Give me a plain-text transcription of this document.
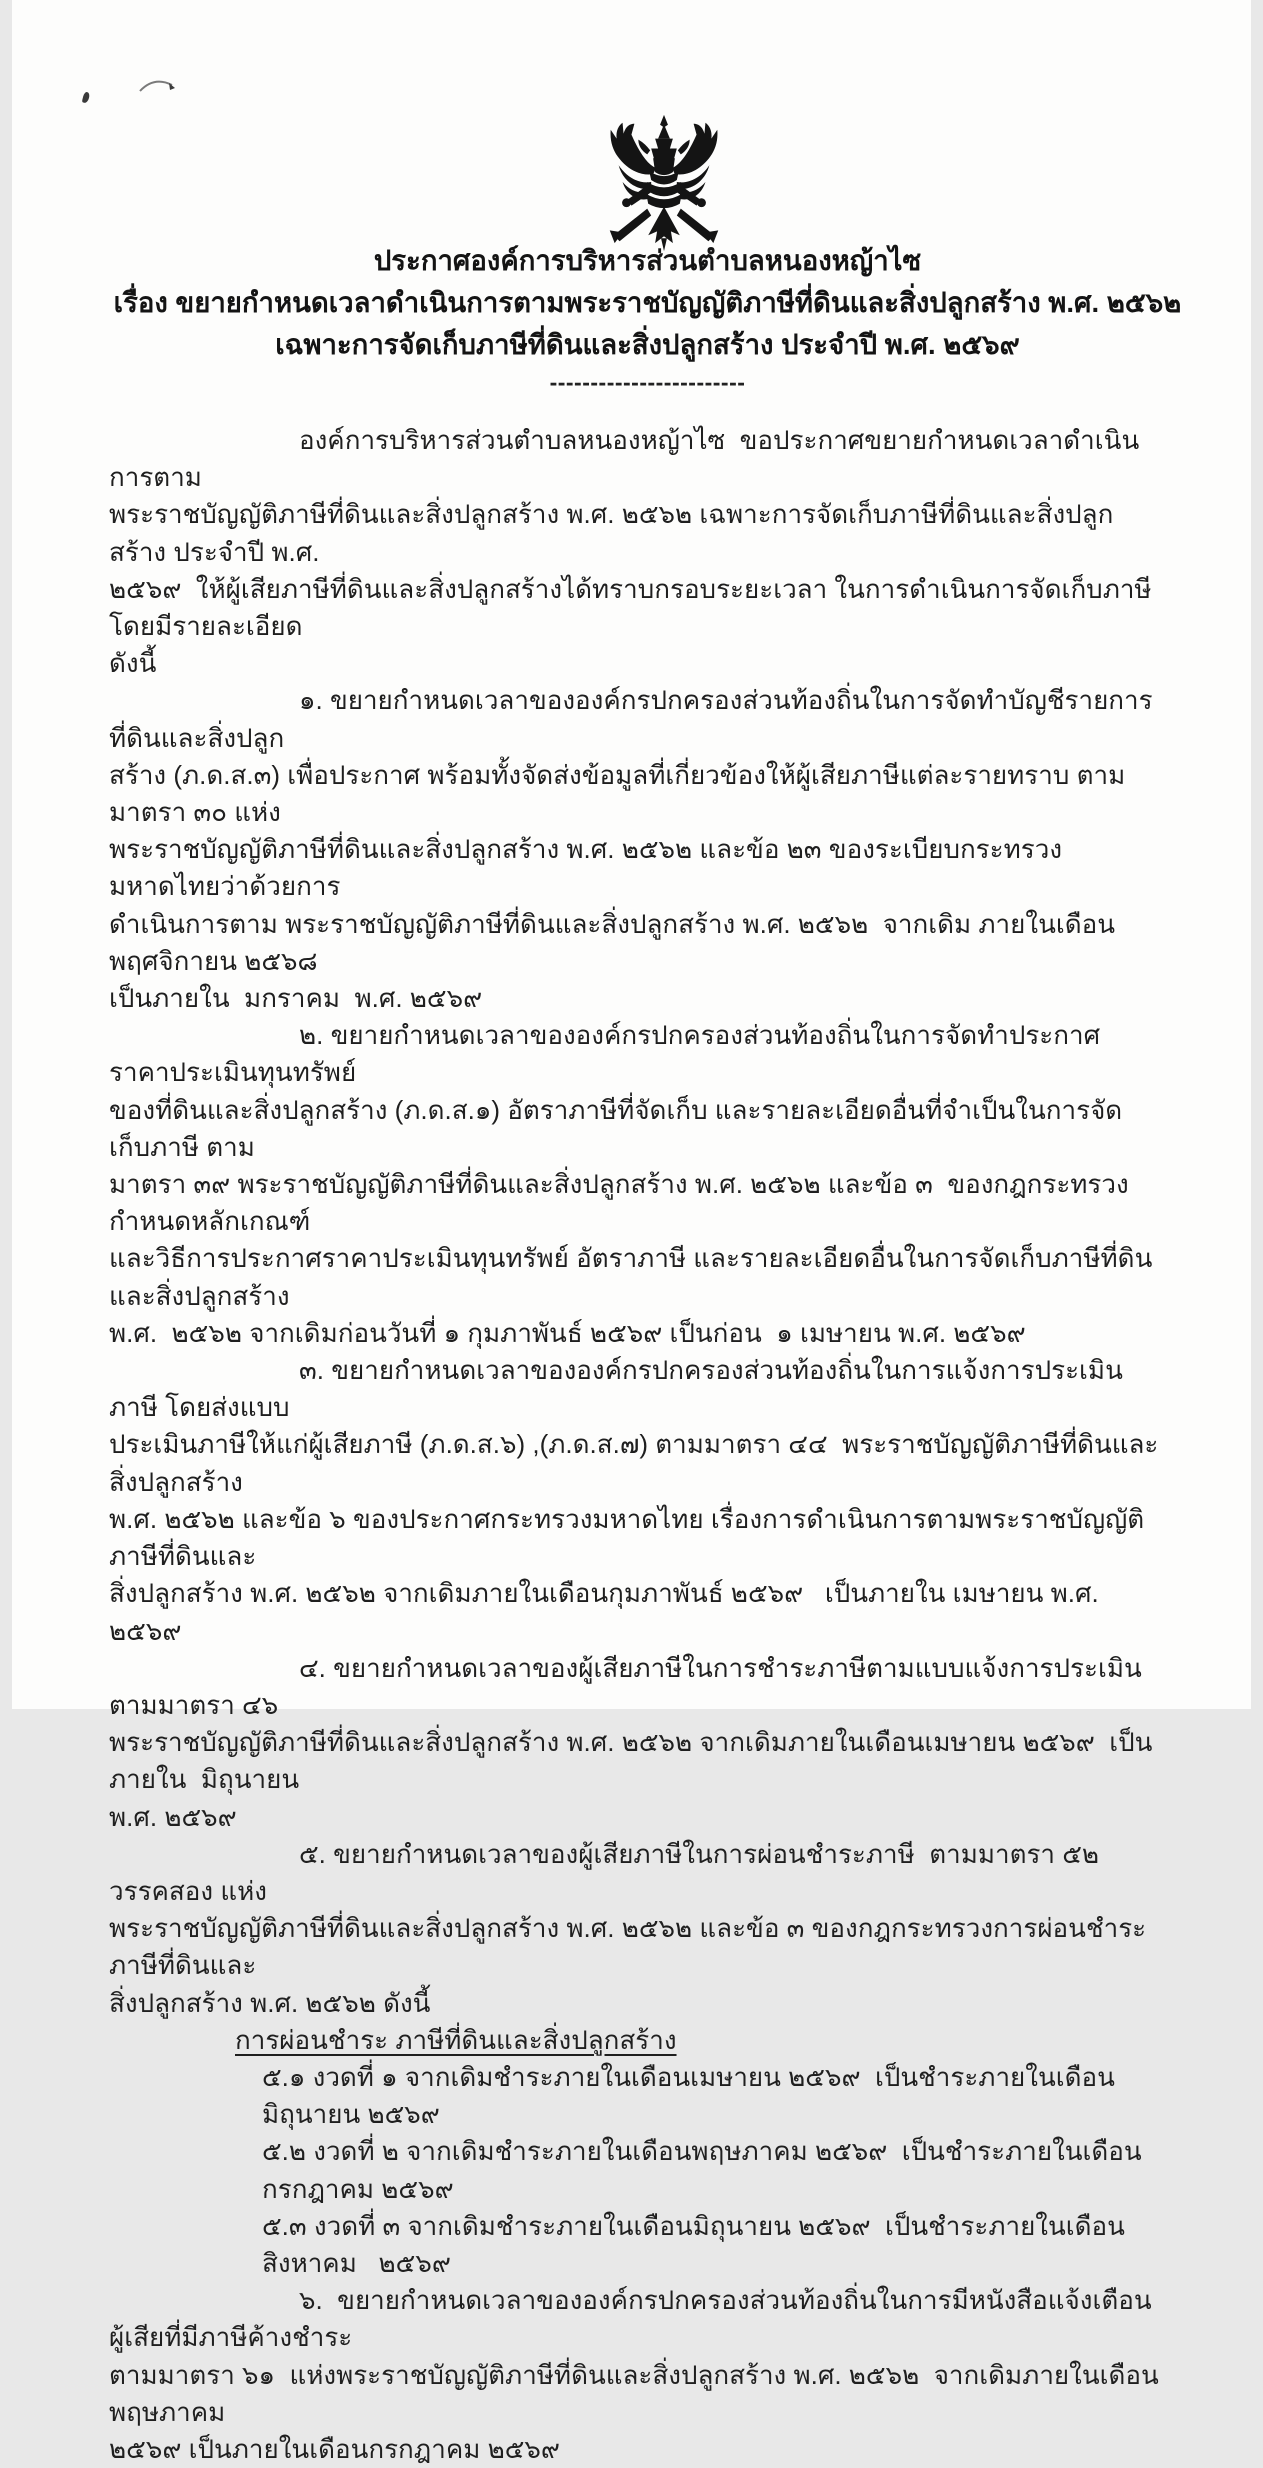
ประกาศองค์การบริหารส่วนตำบลหนองหญ้าไซ
เรื่อง ขยายกำหนดเวลาดำเนินการตามพระราชบัญญัติภาษีที่ดินและสิ่งปลูกสร้าง พ.ศ. ๒๕๖๒
เฉพาะการจัดเก็บภาษีที่ดินและสิ่งปลูกสร้าง ประจำปี พ.ศ. ๒๕๖๙
------------------------
องค์การบริหารส่วนตำบลหนองหญ้าไซ  ขอประกาศขยายกำหนดเวลาดำเนินการตาม
พระราชบัญญัติภาษีที่ดินและสิ่งปลูกสร้าง พ.ศ. ๒๕๖๒ เฉพาะการจัดเก็บภาษีที่ดินและสิ่งปลูกสร้าง ประจำปี พ.ศ.
๒๕๖๙  ให้ผู้เสียภาษีที่ดินและสิ่งปลูกสร้างได้ทราบกรอบระยะเวลา ในการดำเนินการจัดเก็บภาษี โดยมีรายละเอียด
ดังนี้
๑. ขยายกำหนดเวลาขององค์กรปกครองส่วนท้องถิ่นในการจัดทำบัญชีรายการที่ดินและสิ่งปลูก
สร้าง (ภ.ด.ส.๓) เพื่อประกาศ พร้อมทั้งจัดส่งข้อมูลที่เกี่ยวข้องให้ผู้เสียภาษีแต่ละรายทราบ ตามมาตรา ๓๐ แห่ง
พระราชบัญญัติภาษีที่ดินและสิ่งปลูกสร้าง พ.ศ. ๒๕๖๒ และข้อ ๒๓ ของระเบียบกระทรวงมหาดไทยว่าด้วยการ
ดำเนินการตาม พระราชบัญญัติภาษีที่ดินและสิ่งปลูกสร้าง พ.ศ. ๒๕๖๒  จากเดิม ภายในเดือนพฤศจิกายน ๒๕๖๘
เป็นภายใน  มกราคม  พ.ศ. ๒๕๖๙
๒. ขยายกำหนดเวลาขององค์กรปกครองส่วนท้องถิ่นในการจัดทำประกาศราคาประเมินทุนทรัพย์
ของที่ดินและสิ่งปลูกสร้าง (ภ.ด.ส.๑) อัตราภาษีที่จัดเก็บ และรายละเอียดอื่นที่จำเป็นในการจัดเก็บภาษี ตาม
มาตรา ๓๙ พระราชบัญญัติภาษีที่ดินและสิ่งปลูกสร้าง พ.ศ. ๒๕๖๒ และข้อ ๓  ของกฎกระทรวงกำหนดหลักเกณฑ์
และวิธีการประกาศราคาประเมินทุนทรัพย์ อัตราภาษี และรายละเอียดอื่นในการจัดเก็บภาษีที่ดินและสิ่งปลูกสร้าง
พ.ศ.  ๒๕๖๒ จากเดิมก่อนวันที่ ๑ กุมภาพันธ์ ๒๕๖๙ เป็นก่อน  ๑ เมษายน พ.ศ. ๒๕๖๙
๓. ขยายกำหนดเวลาขององค์กรปกครองส่วนท้องถิ่นในการแจ้งการประเมินภาษี โดยส่งแบบ
ประเมินภาษีให้แก่ผู้เสียภาษี (ภ.ด.ส.๖) ,(ภ.ด.ส.๗) ตามมาตรา ๔๔  พระราชบัญญัติภาษีที่ดินและสิ่งปลูกสร้าง
พ.ศ. ๒๕๖๒ และข้อ ๖ ของประกาศกระทรวงมหาดไทย เรื่องการดำเนินการตามพระราชบัญญัติภาษีที่ดินและ
สิ่งปลูกสร้าง พ.ศ. ๒๕๖๒ จากเดิมภายในเดือนกุมภาพันธ์ ๒๕๖๙   เป็นภายใน เมษายน พ.ศ. ๒๕๖๙
๔. ขยายกำหนดเวลาของผู้เสียภาษีในการชำระภาษีตามแบบแจ้งการประเมิน ตามมาตรา ๔๖
พระราชบัญญัติภาษีที่ดินและสิ่งปลูกสร้าง พ.ศ. ๒๕๖๒ จากเดิมภายในเดือนเมษายน ๒๕๖๙  เป็นภายใน  มิถุนายน
พ.ศ. ๒๕๖๙
๕. ขยายกำหนดเวลาของผู้เสียภาษีในการผ่อนชำระภาษี  ตามมาตรา ๕๒ วรรคสอง แห่ง
พระราชบัญญัติภาษีที่ดินและสิ่งปลูกสร้าง พ.ศ. ๒๕๖๒ และข้อ ๓ ของกฎกระทรวงการผ่อนชำระภาษีที่ดินและ
สิ่งปลูกสร้าง พ.ศ. ๒๕๖๒ ดังนี้
การผ่อนชำระ ภาษีที่ดินและสิ่งปลูกสร้าง
๕.๑ งวดที่ ๑ จากเดิมชำระภายในเดือนเมษายน ๒๕๖๙  เป็นชำระภายในเดือน มิถุนายน ๒๕๖๙
๕.๒ งวดที่ ๒ จากเดิมชำระภายในเดือนพฤษภาคม ๒๕๖๙  เป็นชำระภายในเดือนกรกฎาคม ๒๕๖๙
๕.๓ งวดที่ ๓ จากเดิมชำระภายในเดือนมิถุนายน ๒๕๖๙  เป็นชำระภายในเดือนสิงหาคม   ๒๕๖๙
๖.  ขยายกำหนดเวลาขององค์กรปกครองส่วนท้องถิ่นในการมีหนังสือแจ้งเตือนผู้เสียที่มีภาษีค้างชำระ
ตามมาตรา ๖๑  แห่งพระราชบัญญัติภาษีที่ดินและสิ่งปลูกสร้าง พ.ศ. ๒๕๖๒  จากเดิมภายในเดือน  พฤษภาคม
๒๕๖๙ เป็นภายในเดือนกรกฎาคม ๒๕๖๙
